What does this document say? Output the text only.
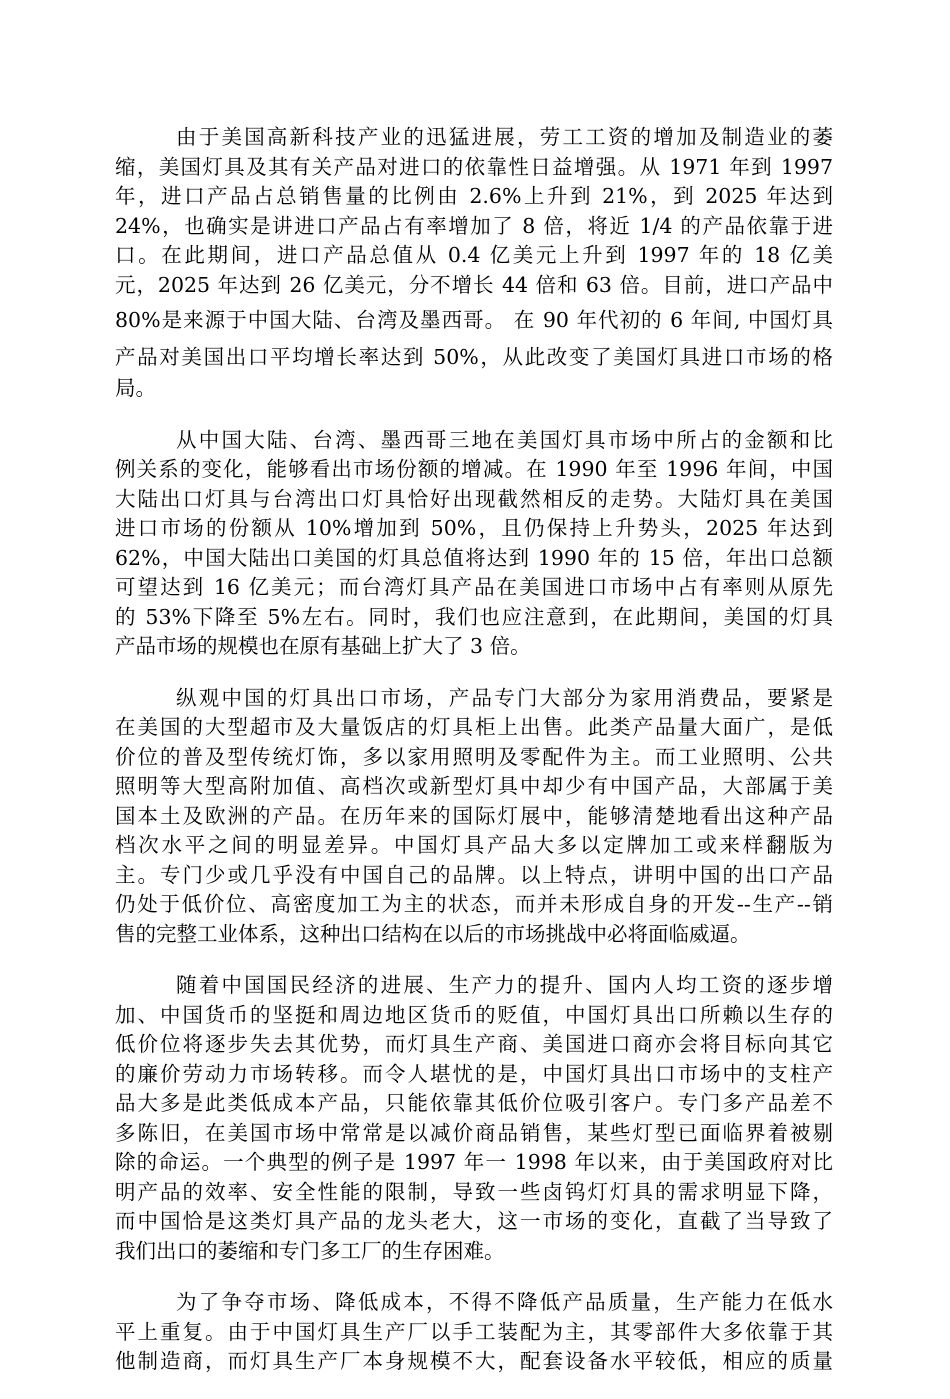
由于美国高新科技产业的迅猛进展，劳工工资的增加及制造业的萎
缩，美国灯具及其有关产品对进口的依靠性日益增强。从 1971 年到 1997
年，进口产品占总销售量的比例由 2.6%上升到 21%，到 2025 年达到
24%，也确实是讲进口产品占有率增加了 8 倍，将近 1/4 的产品依靠于进
口。在此期间，进口产品总值从 0.4 亿美元上升到 1997 年的 18 亿美
元，2025 年达到 26 亿美元，分不增长 44 倍和 63 倍。目前，进口产品中
80%是来源于中国大陆、台湾及墨西哥。 在 90 年代初的 6 年间, 中国灯具
产品对美国出口平均增长率达到 50%，从此改变了美国灯具进口市场的格
局。

从中国大陆、台湾、墨西哥三地在美国灯具市场中所占的金额和比
例关系的变化，能够看出市场份额的增减。在 1990 年至 1996 年间，中国
大陆出口灯具与台湾出口灯具恰好出现截然相反的走势。大陆灯具在美国
进口市场的份额从 10%增加到 50%，且仍保持上升势头，2025 年达到
62%，中国大陆出口美国的灯具总值将达到 1990 年的 15 倍，年出口总额
可望达到 16 亿美元；而台湾灯具产品在美国进口市场中占有率则从原先
的 53%下降至 5%左右。同时，我们也应注意到，在此期间，美国的灯具
产品市场的规模也在原有基础上扩大了 3 倍。

纵观中国的灯具出口市场，产品专门大部分为家用消费品，要紧是
在美国的大型超市及大量饭店的灯具柜上出售。此类产品量大面广，是低
价位的普及型传统灯饰，多以家用照明及零配件为主。而工业照明、公共
照明等大型高附加值、高档次或新型灯具中却少有中国产品，大部属于美
国本土及欧洲的产品。在历年来的国际灯展中，能够清楚地看出这种产品
档次水平之间的明显差异。中国灯具产品大多以定牌加工或来样翻版为
主。专门少或几乎没有中国自己的品牌。以上特点，讲明中国的出口产品
仍处于低价位、高密度加工为主的状态，而并未形成自身的开发--生产--销
售的完整工业体系，这种出口结构在以后的市场挑战中必将面临威逼。

随着中国国民经济的进展、生产力的提升、国内人均工资的逐步增
加、中国货币的坚挺和周边地区货币的贬值，中国灯具出口所赖以生存的
低价位将逐步失去其优势，而灯具生产商、美国进口商亦会将目标向其它
的廉价劳动力市场转移。而令人堪忧的是，中国灯具出口市场中的支柱产
品大多是此类低成本产品，只能依靠其低价位吸引客户。专门多产品差不
多陈旧，在美国市场中常常是以减价商品销售，某些灯型已面临界着被剔
除的命运。一个典型的例子是 1997 年一 1998 年以来，由于美国政府对比
明产品的效率、安全性能的限制，导致一些卤钨灯灯具的需求明显下降，
而中国恰是这类灯具产品的龙头老大，这一市场的变化，直截了当导致了
我们出口的萎缩和专门多工厂的生存困难。

为了争夺市场、降低成本，不得不降低产品质量，生产能力在低水
平上重复。由于中国灯具生产厂以手工装配为主，其零部件大多依靠于其
他制造商，而灯具生产厂本身规模不大，配套设备水平较低，相应的质量
